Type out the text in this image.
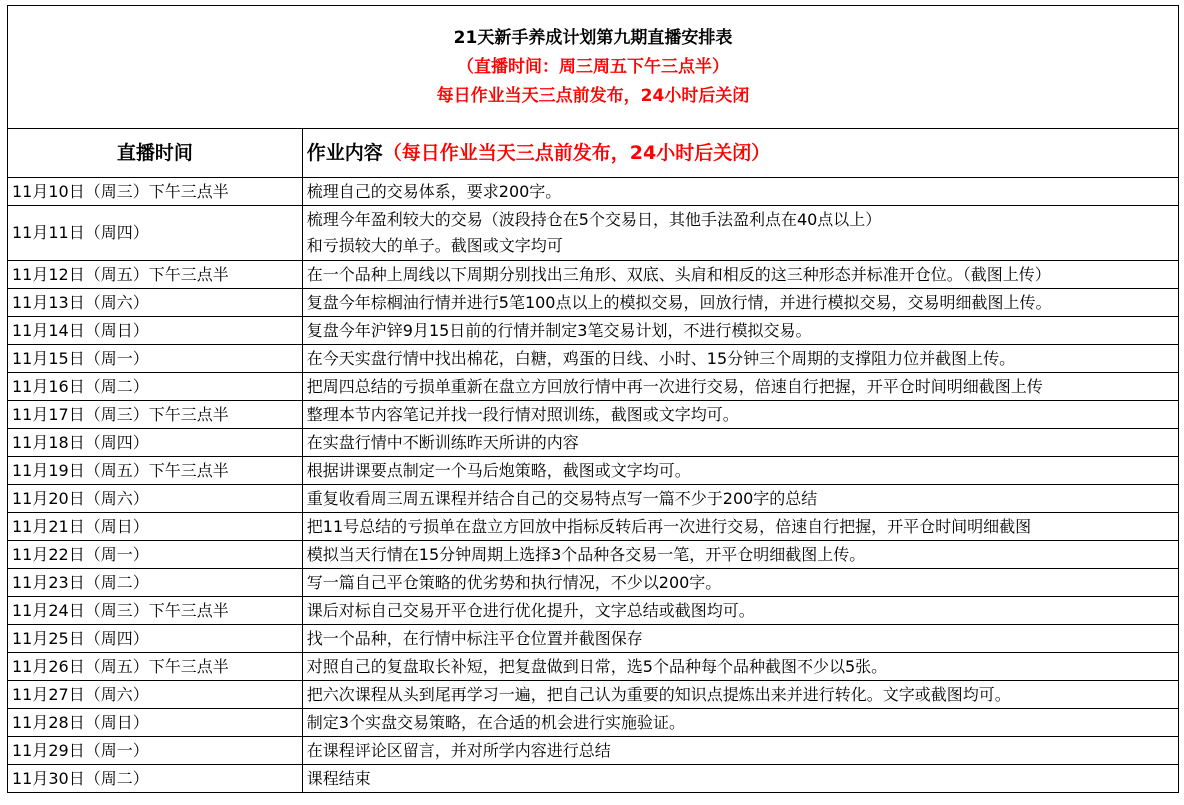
21天新手养成计划第九期直播安排表
（直播时间：周三周五下午三点半）
每日作业当天三点前发布，24小时后关闭	

直播时间	作业内容（每日作业当天三点前发布，24小时后关闭）
11月10日（周三）下午三点半	梳理自己的交易体系，要求200字。
11月11日（周四）	梳理今年盈利较大的交易（波段持仓在5个交易日，其他手法盈利点在40点以上）
和亏损较大的单子。截图或文字均可

11月12日（周五）下午三点半	在一个品种上周线以下周期分别找出三角形、双底、头肩和相反的这三种形态并标准开仓位。（截图上传）
11月13日（周六）	复盘今年棕榈油行情并进行5笔100点以上的模拟交易，回放行情，并进行模拟交易，交易明细截图上传。
11月14日（周日）	复盘今年沪锌9月15日前的行情并制定3笔交易计划，不进行模拟交易。
11月15日（周一）	在今天实盘行情中找出棉花，白糖，鸡蛋的日线、小时、15分钟三个周期的支撑阻力位并截图上传。
11月16日（周二）	把周四总结的亏损单重新在盘立方回放行情中再一次进行交易，倍速自行把握，开平仓时间明细截图上传
11月17日（周三）下午三点半	整理本节内容笔记并找一段行情对照训练，截图或文字均可。
11月18日（周四）	在实盘行情中不断训练昨天所讲的内容
11月19日（周五）下午三点半	根据讲课要点制定一个马后炮策略，截图或文字均可。
11月20日（周六）	重复收看周三周五课程并结合自己的交易特点写一篇不少于200字的总结
11月21日（周日）	把11号总结的亏损单在盘立方回放中指标反转后再一次进行交易，倍速自行把握，开平仓时间明细截图
11月22日（周一）	模拟当天行情在15分钟周期上选择3个品种各交易一笔，开平仓明细截图上传。
11月23日（周二）	写一篇自己平仓策略的优劣势和执行情况，不少以200字。
11月24日（周三）下午三点半	课后对标自己交易开平仓进行优化提升，文字总结或截图均可。
11月25日（周四）	找一个品种，在行情中标注平仓位置并截图保存
11月26日（周五）下午三点半	对照自己的复盘取长补短，把复盘做到日常，选5个品种每个品种截图不少以5张。
11月27日（周六）	把六次课程从头到尾再学习一遍，把自己认为重要的知识点提炼出来并进行转化。文字或截图均可。
11月28日（周日）	制定3个实盘交易策略，在合适的机会进行实施验证。
11月29日（周一）	在课程评论区留言，并对所学内容进行总结
11月30日（周二）	课程结束
